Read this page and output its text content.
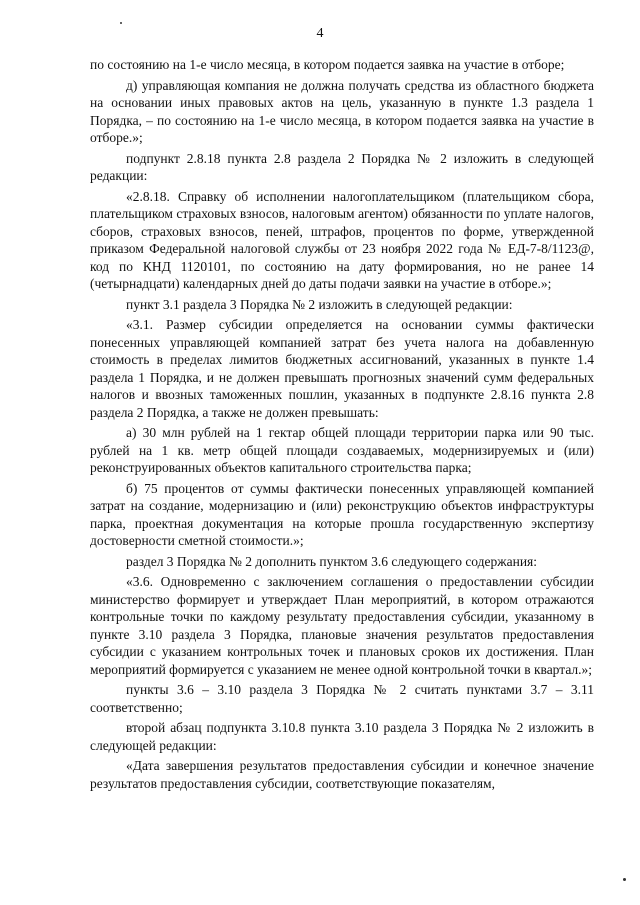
4

по состоянию на 1-е число месяца, в котором подается заявка на участие в отборе;

д) управляющая компания не должна получать средства из областного бюджета на основании иных правовых актов на цель, указанную в пункте 1.3 раздела 1 Порядка, – по состоянию на 1-е число месяца, в котором подается заявка на участие в отборе.»;

подпункт 2.8.18 пункта 2.8 раздела 2 Порядка № 2 изложить в следующей редакции:

«2.8.18. Справку об исполнении налогоплательщиком (плательщиком сбора, плательщиком страховых взносов, налоговым агентом) обязанности по уплате налогов, сборов, страховых взносов, пеней, штрафов, процентов по форме, утвержденной приказом Федеральной налоговой службы от 23 ноября 2022 года № ЕД-7-8/1123@, код по КНД 1120101, по состоянию на дату формирования, но не ранее 14 (четырнадцати) календарных дней до даты подачи заявки на участие в отборе.»;

пункт 3.1 раздела 3 Порядка № 2 изложить в следующей редакции:

«3.1. Размер субсидии определяется на основании суммы фактически понесенных управляющей компанией затрат без учета налога на добавленную стоимость в пределах лимитов бюджетных ассигнований, указанных в пункте 1.4 раздела 1 Порядка, и не должен превышать прогнозных значений сумм федеральных налогов и ввозных таможенных пошлин, указанных в подпункте 2.8.16 пункта 2.8 раздела 2 Порядка, а также не должен превышать:

а) 30 млн рублей на 1 гектар общей площади территории парка или 90 тыс. рублей на 1 кв. метр общей площади создаваемых, модернизируемых и (или) реконструированных объектов капитального строительства парка;

б) 75 процентов от суммы фактически понесенных управляющей компанией затрат на создание, модернизацию и (или) реконструкцию объектов инфраструктуры парка, проектная документация на которые прошла государственную экспертизу достоверности сметной стоимости.»;

раздел 3 Порядка № 2 дополнить пунктом 3.6 следующего содержания:

«3.6. Одновременно с заключением соглашения о предоставлении субсидии министерство формирует и утверждает План мероприятий, в котором отражаются контрольные точки по каждому результату предоставления субсидии, указанному в пункте 3.10 раздела 3 Порядка, плановые значения результатов предоставления субсидии с указанием контрольных точек и плановых сроков их достижения. План мероприятий формируется с указанием не менее одной контрольной точки в квартал.»;

пункты 3.6 – 3.10 раздела 3 Порядка № 2 считать пунктами 3.7 – 3.11 соответственно;

второй абзац подпункта 3.10.8 пункта 3.10 раздела 3 Порядка № 2 изложить в следующей редакции:

«Дата завершения результатов предоставления субсидии и конечное значение результатов предоставления субсидии, соответствующие показателям,
